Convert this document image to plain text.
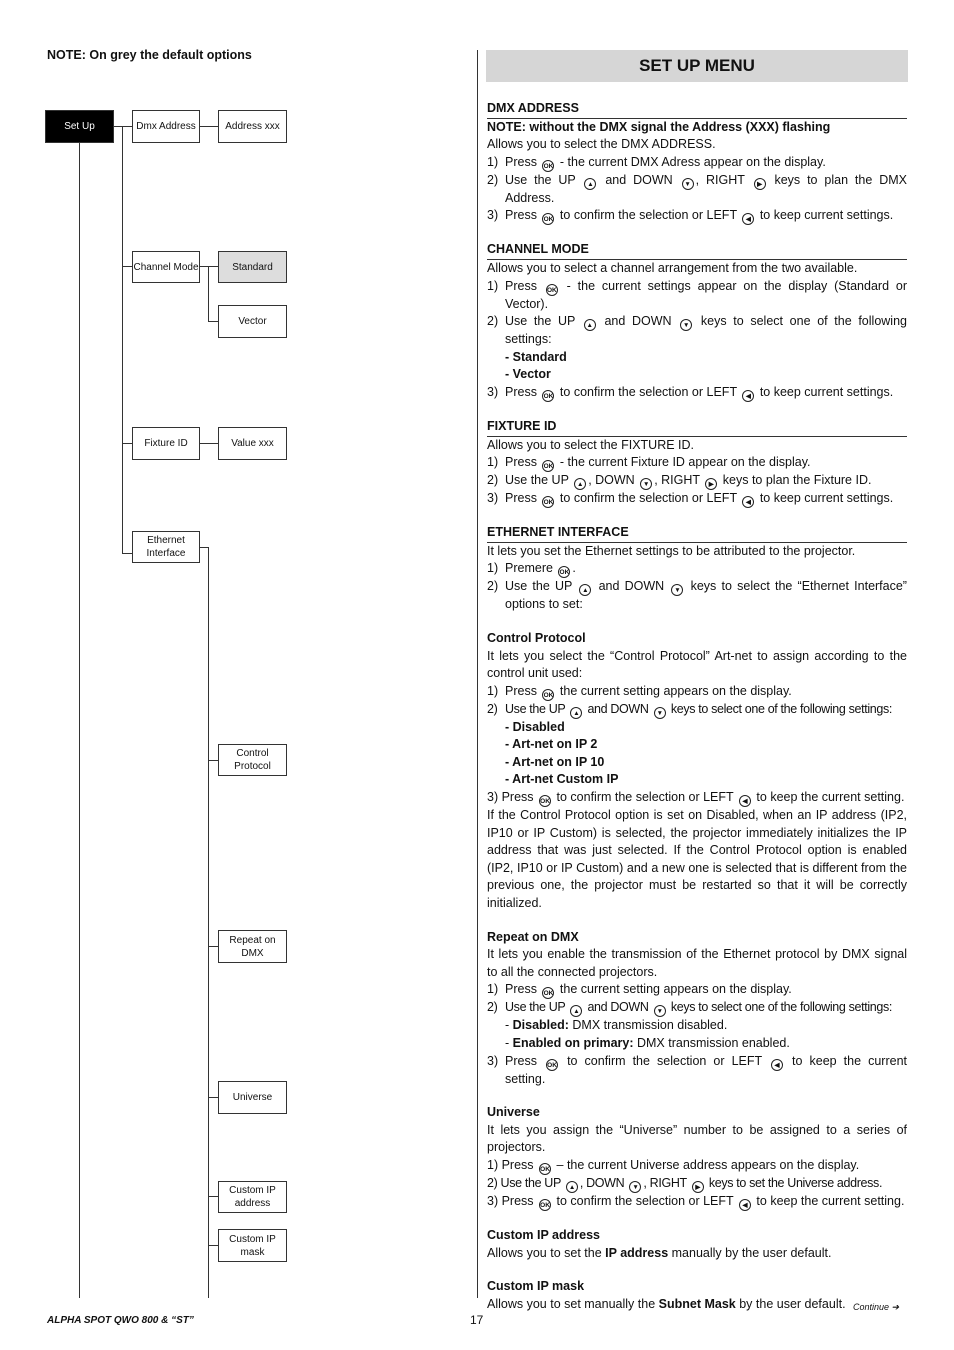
NOTE: On grey the default options
Set Up	Dmx Address	Address xxx
Channel Mode	Standard
Vector
Fixture ID	Value xxx
Ethernet Interface
Control Protocol
Repeat on DMX
Universe
Custom IP address
Custom IP mask
SET UP MENU
DMX ADDRESS
NOTE: without the DMX signal the Address (XXX) flashing

Allows you to select the DMX ADDRESS.

1) Press OK - the current DMX Adress appear on the display.
2) Use the UP ▲ and DOWN ▼ , RIGHT ▶ keys to plan the DMX Address.
3) Press OK to confirm the selection or LEFT ◀ to keep current settings.
CHANNEL MODE

Allows you to select a channel arrangement from the two available.

1) Press OK - the current settings appear on the display (Standard or Vector).
2) Use the UP ▲ and DOWN ▼ keys to select one of the following settings:
- Standard
- Vector
3) Press OK to confirm the selection or LEFT ◀ to keep current settings.
FIXTURE ID

Allows you to select the FIXTURE ID.

1) Press OK - the current Fixture ID appear on the display.
2) Use the UP ▲ , DOWN ▼ , RIGHT ▶ keys to plan the Fixture ID.
3) Press OK to confirm the selection or LEFT ◀ to keep current settings.
ETHERNET INTERFACE

It lets you set the Ethernet settings to be attributed to the projector.

1) Premere OK .
2) Use the UP ▲ and DOWN ▼ keys to select the “Ethernet Interface” options to set:
Control Protocol

It lets you select the “Control Protocol” Art-net to assign according to the control unit used:

1) Press OK the current setting appears on the display.
2) Use the UP ▲ and DOWN ▼ keys to select one of the following settings:
- Disabled
- Art-net on IP 2
- Art-net on IP 10
- Art-net Custom IP
3) Press OK to confirm the selection or LEFT ◀ to keep the current setting.

If the Control Protocol option is set on Disabled, when an IP address (IP2, IP10 or IP Custom) is selected, the projector immediately initializes the IP address that was just selected. If the Control Protocol option is enabled (IP2, IP10 or IP Custom) and a new one is selected that is different from the previous one, the projector must be restarted so that it will be correctly initialized.

Repeat on DMX

It lets you enable the transmission of the Ethernet protocol by DMX signal to all the connected projectors.

1) Press OK the current setting appears on the display.
2) Use the UP ▲ and DOWN ▼ keys to select one of the following settings:
- Disabled: DMX transmission disabled.
- Enabled on primary: DMX transmission enabled.
3) Press OK to confirm the selection or LEFT ◀ to keep the current setting.
Universe

It lets you assign the “Universe” number to be assigned to a series of projectors.

1) Press OK – the current Universe address appears on the display.
2) Use the UP ▲ , DOWN ▼ , RIGHT ▶ keys to set the Universe address.
3) Press OK to confirm the selection or LEFT ◀ to keep the current setting.
Custom IP address

Allows you to set the IP address manually by the user default.

Custom IP mask

Allows you to set manually the Subnet Mask by the user default.

ALPHA SPOT QWO 800 & “ST”	17
Continue ➔
